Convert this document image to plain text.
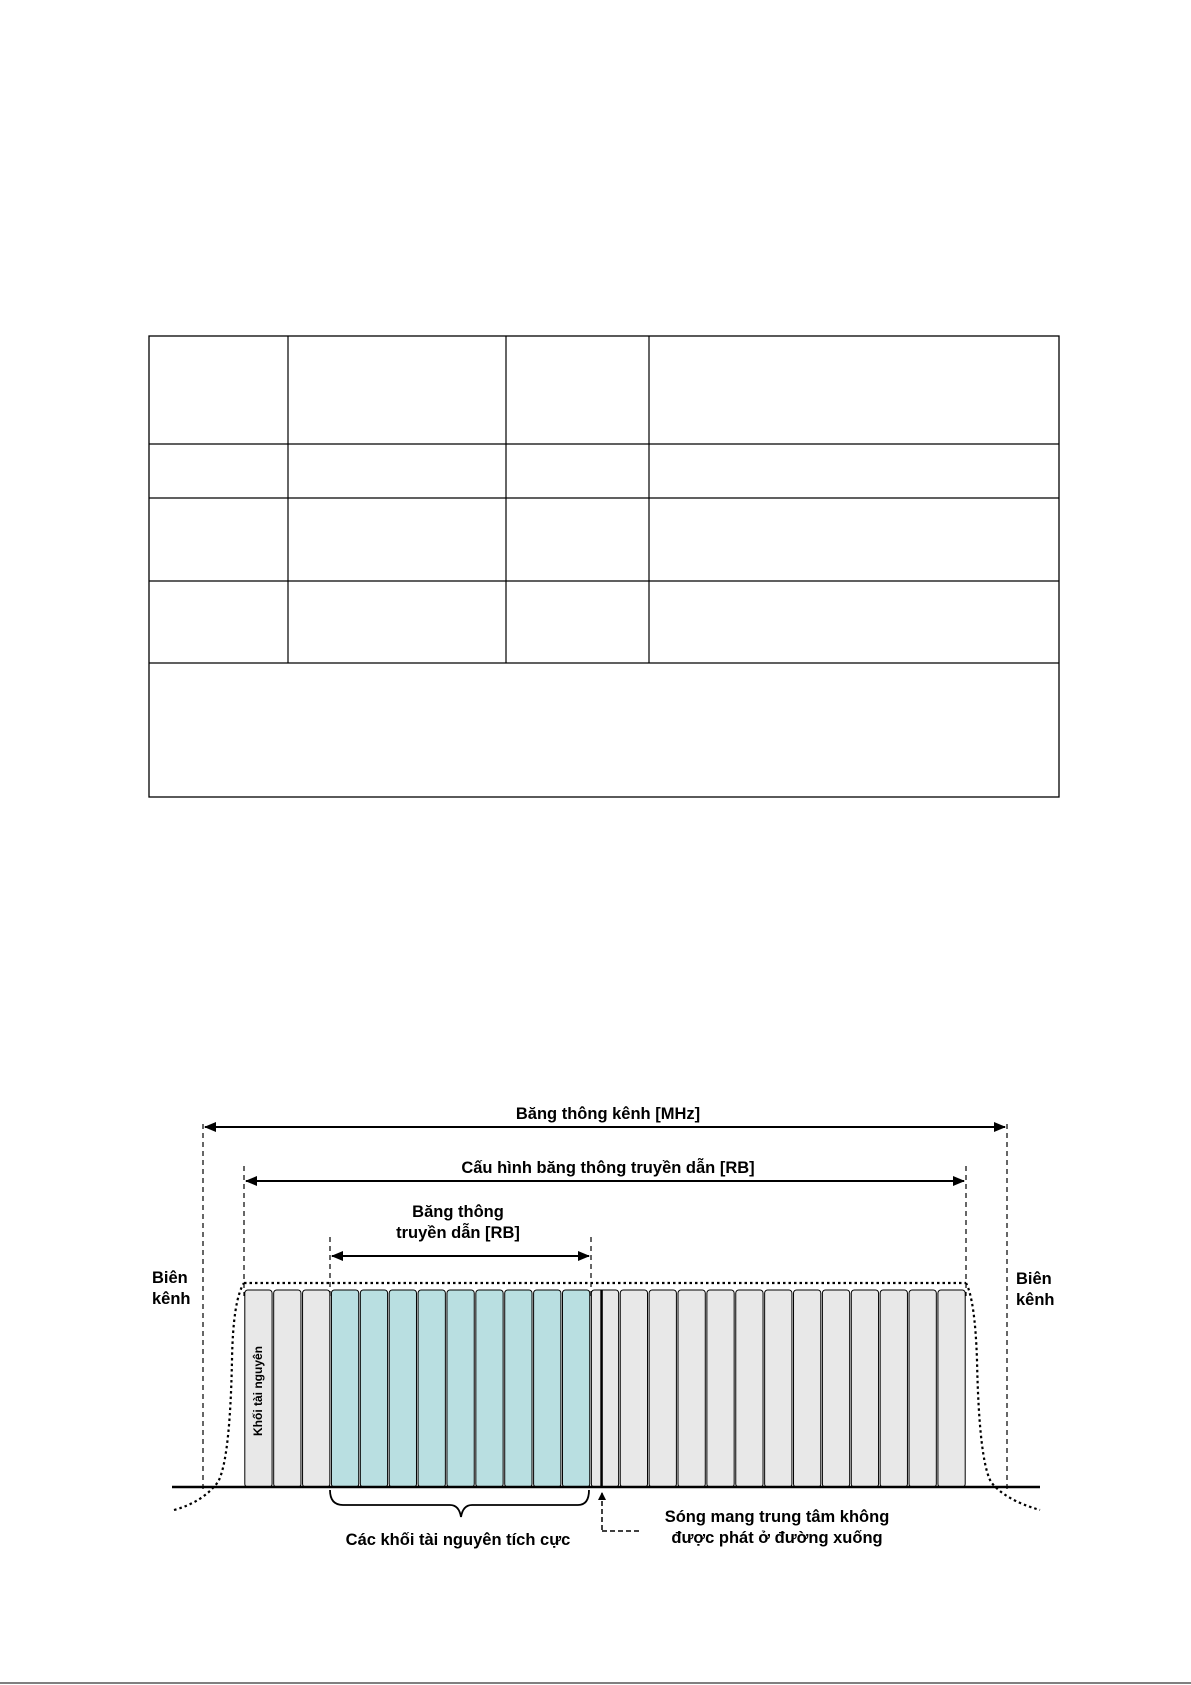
Băng thông kênh [MHz]
Cấu hình băng thông truyền dẫn [RB]
Băng thông
truyền dẫn [RB]
Biên
kênh
Biên
kênh
Khối tài nguyên
Các khối tài nguyên tích cực
Sóng mang trung tâm không
được phát ở đường xuống
